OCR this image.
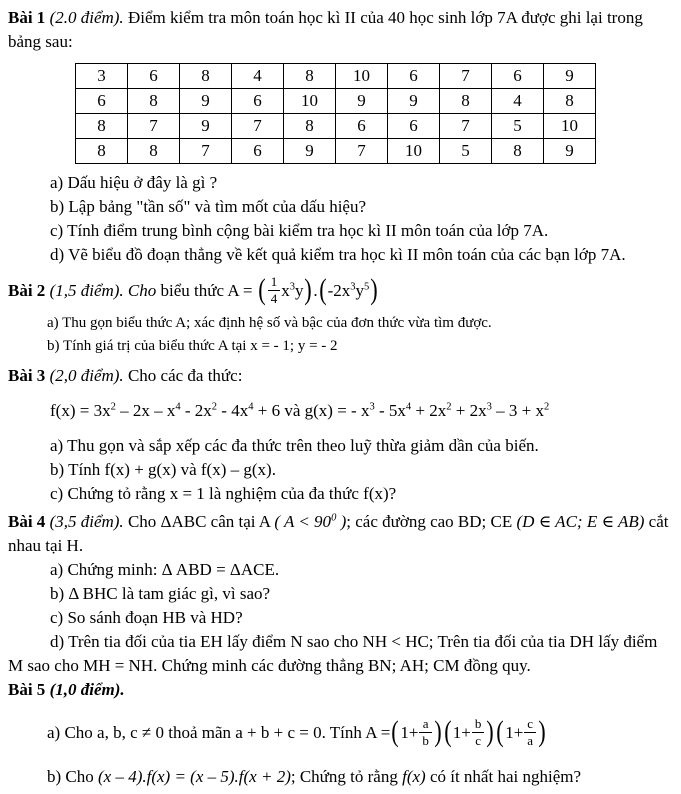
Bài 1 (2.0 điểm). Điểm kiểm tra môn toán học kì II của 40 học sinh lớp 7A được ghi lại trong bảng sau:

3	6	8	4	8	10	6	7	6	9
6	8	9	6	10	9	9	8	4	8
8	7	9	7	8	6	6	7	5	10
8	8	7	6	9	7	10	5	8	9

a) Dấu hiệu ở đây là gì ?

b) Lập bảng "tần số" và tìm mốt của dấu hiệu?

c) Tính điểm trung bình cộng bài kiểm tra học kì II môn toán của lớp 7A.

d) Vẽ biểu đồ đoạn thẳng về kết quả kiểm tra học kì II môn toán của các bạn lớp 7A.

Bài 2 (1,5 điểm). Cho biểu thức A = ( $\frac{1}{4} x^3y).(-2x^3y^5)$

a) Thu gọn biểu thức A; xác định hệ số và bậc của đơn thức vừa tìm được.

b) Tính giá trị của biểu thức A tại x = - 1; y = - 2

Bài 3 (2,0 điểm). Cho các đa thức:

$f(x) = 3x^2 - 2x - x^4 - 2x^2 - 4x^4 + 6$ và g(x) = - $x^3 - 5x^4 + 2x^2 + 2x^3 - 3 + x^2$

a) Thu gọn và sắp xếp các đa thức trên theo luỹ thừa giảm dần của biến.

b) Tính f(x) + g(x) và f(x) – g(x).

c) Chứng tỏ rằng x = 1 là nghiệm của đa thức f(x)?

Bài 4 (3,5 điểm). Cho ΔABC cân tại A ( $A < 90^0$ ); các đường cao BD; CE (D ∈ AC; E ∈ AB) cắt nhau tại H.

a) Chứng minh: Δ ABD = ΔACE.

b) Δ BHC là tam giác gì, vì sao?

c) So sánh đoạn HB và HD?

d) Trên tia đối của tia EH lấy điểm N sao cho NH < HC; Trên tia đối của tia DH lấy điểm M sao cho MH = NH. Chứng minh các đường thẳng BN; AH; CM đồng quy.

Bài 5 (1,0 điểm).

a) Cho a, b, c ≠ 0 thoả mãn a + b + c = 0. Tính $A =(1+ \frac{a}{b} )(1+ \frac{b}{c} )(1+ \frac{c}{a}$ )

b) Cho (x – 4).f(x) = (x – 5).f(x + 2); Chứng tỏ rằng f(x) có ít nhất hai nghiệm?
